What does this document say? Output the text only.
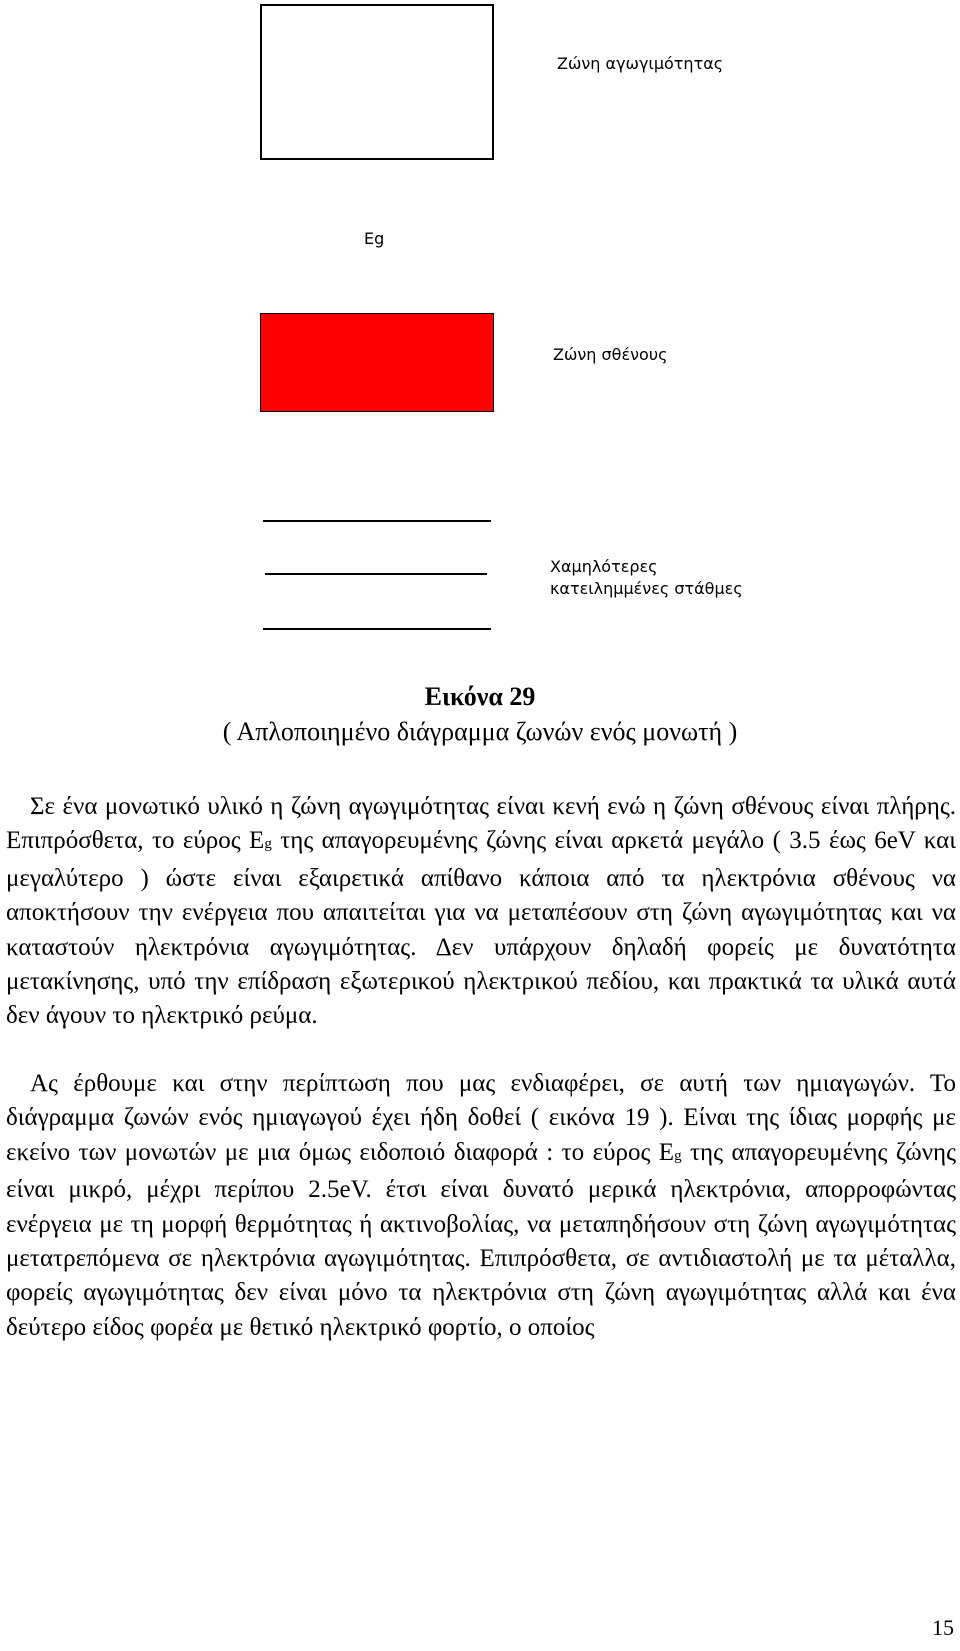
Ζώνη αγωγιμότητας
Eg
Ζώνη σθένους
Χαμηλότερες
κατειλημμένες στάθμες
Εικόνα 29
( Απλοποιημένο διάγραμμα ζωνών ενός μονωτή )
Σε ένα μονωτικό υλικό η ζώνη αγωγιμότητας είναι κενή ενώ η ζώνη σθένους είναι πλήρης. Επιπρόσθετα, το εύρος Eg της απαγορευμένης ζώνης είναι αρκετά μεγάλο ( 3.5 έως 6eV και μεγαλύτερο ) ώστε είναι εξαιρετικά απίθανο κάποια από τα ηλεκτρόνια σθένους να αποκτήσουν την ενέργεια που απαιτείται για να μεταπέσουν στη ζώνη αγωγιμότητας και να καταστούν ηλεκτρόνια αγωγιμότητας. Δεν υπάρχουν δηλαδή φορείς με δυνατότητα μετακίνησης, υπό την επίδραση εξωτερικού ηλεκτρικού πεδίου, και πρακτικά τα υλικά αυτά δεν άγουν το ηλεκτρικό ρεύμα.
Ας έρθουμε και στην περίπτωση που μας ενδιαφέρει, σε αυτή των ημιαγωγών. Το διάγραμμα ζωνών ενός ημιαγωγού έχει ήδη δοθεί ( εικόνα 19 ). Είναι της ίδιας μορφής με εκείνο των μονωτών με μια όμως ειδοποιό διαφορά : το εύρος Eg της απαγορευμένης ζώνης είναι μικρό, μέχρι περίπου 2.5eV. έτσι είναι δυνατό μερικά ηλεκτρόνια, απορροφώντας ενέργεια με τη μορφή θερμότητας ή ακτινοβολίας, να μεταπηδήσουν στη ζώνη αγωγιμότητας μετατρεπόμενα σε ηλεκτρόνια αγωγιμότητας. Επιπρόσθετα, σε αντιδιαστολή με τα μέταλλα, φορείς αγωγιμότητας δεν είναι μόνο τα ηλεκτρόνια στη ζώνη αγωγιμότητας αλλά και ένα δεύτερο είδος φορέα με θετικό ηλεκτρικό φορτίο, ο οποίος
15
